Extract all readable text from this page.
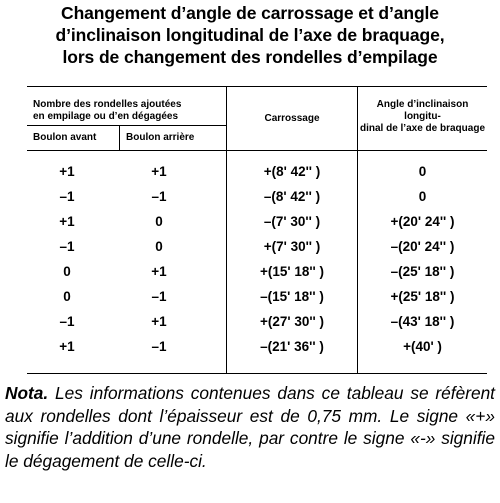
Changement d’angle de carrossage et d’angle
d’inclinaison longitudinal de l’axe de braquage,
lors de changement des rondelles d’empilage
Nombre des rondelles ajoutées
en empilage ou d’en dégagées
Boulon avant	Boulon arrière
Carrossage
Angle d’inclinaison longitu-
dinal de l’axe de braquage
+1	+1	+(8' 42'' )	0
–1	–1	–(8' 42'' )	0
+1	0	–(7' 30'' )	+(20' 24'' )
–1	0	+(7' 30'' )	–(20' 24'' )
0	+1	+(15' 18'' )	–(25' 18'' )
0	–1	–(15' 18'' )	+(25' 18'' )
–1	+1	+(27' 30'' )	–(43' 18'' )
+1	–1	–(21' 36'' )	+(40' )
Nota. Les informations contenues dans ce tableau se réfèrent aux rondelles dont l’épaisseur est de 0,75 mm. Le signe «+» signifie l’addition d’une rondelle, par contre le signe «-» signifie le dégagement de celle-ci.
